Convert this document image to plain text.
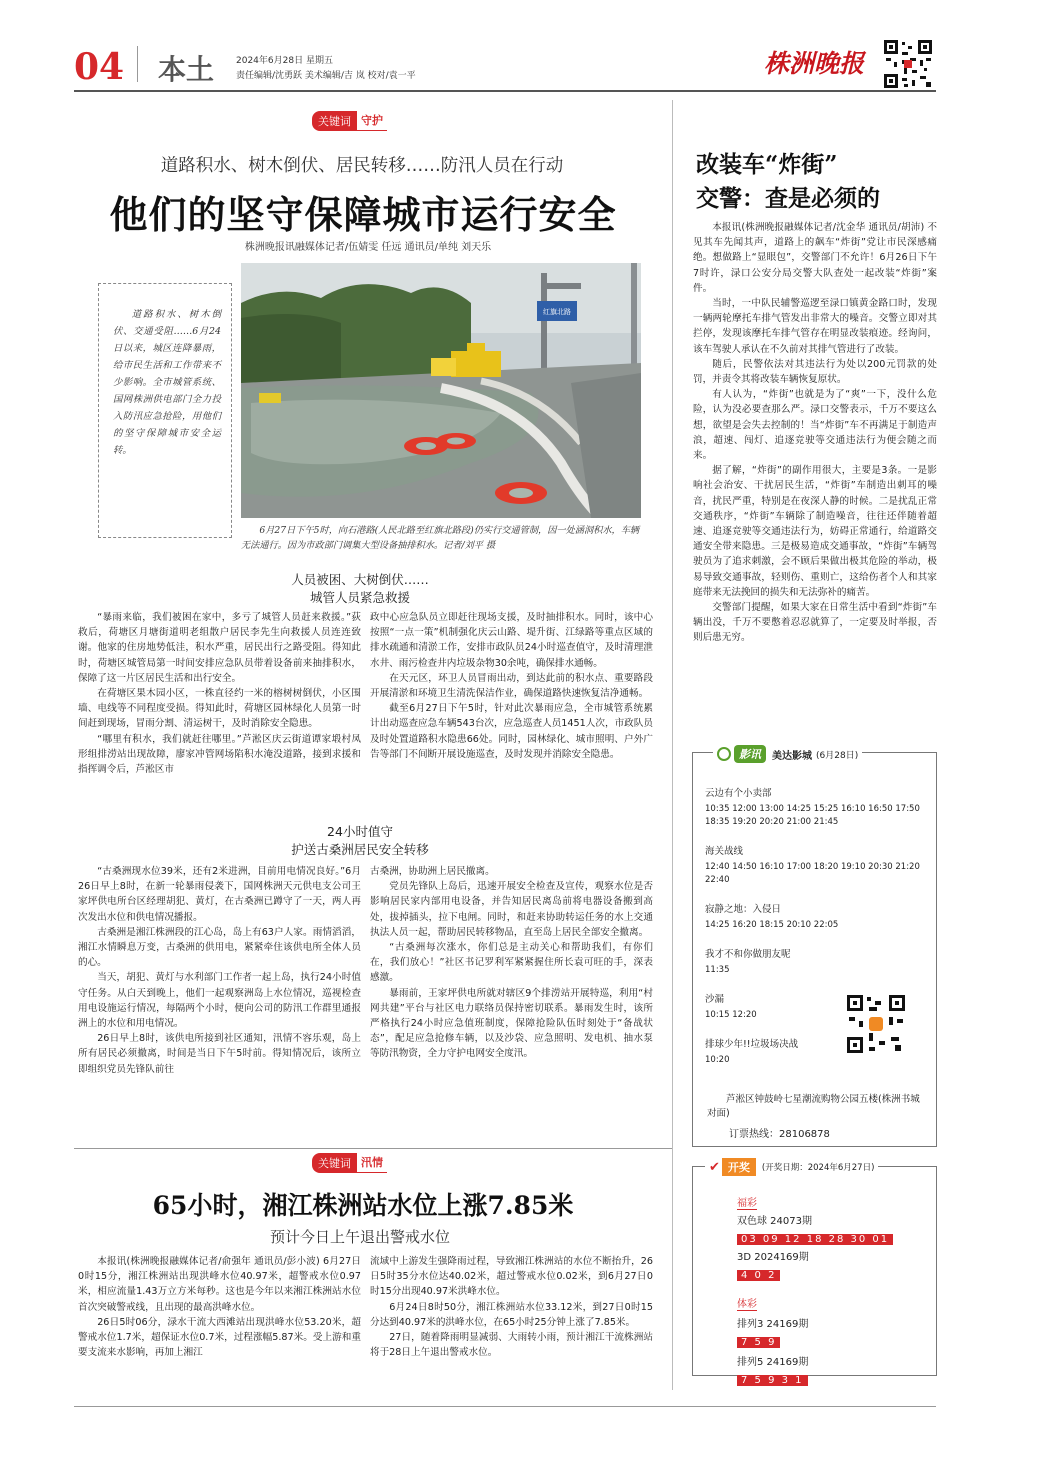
04 本土 2024年6月28日 星期五
责任编辑/沈勇跃 美术编辑/吉 岚 校对/袁一平	株洲晚报
关键词 守护
道路积水、树木倒伏、居民转移……防汛人员在行动
他们的坚守保障城市运行安全
株洲晚报讯融媒体记者/伍婧雯 任远 通讯员/单纯 刘天乐
道路积水、树木倒伏、交通受阻……6月24日以来，城区连降暴雨，给市民生活和工作带来不少影响。全市城管系统、国网株洲供电部门全力投入防汛应急抢险，用他们的坚守保障城市安全运转。
红旗北路
6月27日下午5时，向石港路(人民北路至红旗北路段)仍实行交通管制，因一处涵洞积水，车辆无法通行。因为市政部门调集大型设备抽排积水。记者/刘平 摄
人员被困、大树倒伏……
城管人员紧急救援

“暴雨来临，我们被困在家中，多亏了城管人员赶来救援。”荻救后，荷塘区月塘街道明老组散户居民李先生向救援人员连连致谢。他家的住房地势低洼，积水严重，居民出行之路受阻。得知此时，荷塘区城管局第一时间安排应急队员带着设备前来抽排积水，保障了这一片区居民生活和出行安全。

在荷塘区果木园小区，一株直径约一米的榕树树倒伏，小区围墙、电线等不同程度受损。得知此时，荷塘区园林绿化人员第一时间赶到现场，冒雨分割、清运树干，及时消除安全隐患。

“哪里有积水，我们就赶往哪里。”芦淞区庆云街道谭家塅村凤形组排涝站出现故障，廖家冲管网场陷积水淹没道路，接到求援和指挥调令后，芦淞区市

政中心应急队员立即赶往现场支援，及时抽排积水。同时，该中心按照“一点一策”机制强化庆云山路、堤升街、江绿路等重点区域的排水疏通和清淤工作，安排市政队员24小时巡查值守，及时清理泄水井、雨污检查井内垃圾杂物30余吨，确保排水通畅。

在天元区，环卫人员冒雨出动，到达此前的积水点、重要路段开展清淤和环境卫生清洗保洁作业，确保道路快速恢复洁净通畅。

截至6月27日下午5时，针对此次暴雨应急，全市城管系统累计出动巡查应急车辆543台次，应急巡查人员1451人次，市政队员及时处置道路积水隐患66处。同时，园林绿化、城市照明、户外广告等部门不间断开展设施巡查，及时发现并消除安全隐患。

24小时值守
护送古桑洲居民安全转移

“古桑洲现水位39米，还有2米进洲，目前用电情况良好。”6月26日早上8时，在新一轮暴雨侵袭下，国网株洲天元供电支公司王家坪供电所台区经理胡犯、黄灯，在古桑洲已蹲守了一天，两人再次发出水位和供电情况播报。

古桑洲是湘江株洲段的江心岛，岛上有63户人家。雨情滔滔，湘江水情瞬息万变，古桑洲的供用电，紧紧牵住该供电所全体人员的心。

当天，胡犯、黄灯与水利部门工作者一起上岛，执行24小时值守任务。从白天到晚上，他们一起观察洲岛上水位情况，巡视检查用电设施运行情况，每隔两个小时，便向公司的防汛工作群里通报洲上的水位和用电情况。

26日早上8时，该供电所接到社区通知，汛情不容乐观，岛上所有居民必须撤离，时间是当日下午5时前。得知情况后，该所立即组织党员先锋队前往

古桑洲，协助洲上居民撤离。

党员先锋队上岛后，迅速开展安全检查及宣传，观察水位是否影响居民家内部用电设备，并告知居民离岛前将电器设备搬到高处，拔掉插头，拉下电闸。同时，和赶来协助转运任务的水上交通执法人员一起，帮助居民转移物品，直至岛上居民全部安全撤离。

“古桑洲每次涨水，你们总是主动关心和帮助我们，有你们在，我们放心！”社区书记罗利军紧紧握住所长袁可旺的手，深表感激。

暴雨前，王家坪供电所就对辖区9个排涝站开展特巡，利用“村网共建”平台与社区电力联络员保持密切联系。暴雨发生时，该所严格执行24小时应急值班制度，保障抢险队伍时刻处于“备战状态”，配足应急抢修车辆，以及沙袋、应急照明、发电机、抽水泵等防汛物资，全力守护电网安全度汛。

改装车“炸街”
交警：查是必须的

本报讯(株洲晚报融媒体记者/沈金华 通讯员/胡沛) 不见其车先闻其声，道路上的飙车“炸街”党让市民深感痛绝。想做路上“显眼包”，交警部门不允许！6月26日下午7时许，渌口公安分局交警大队查处一起改装“炸街”案件。

当时，一中队民辅警巡逻至渌口镇黄金路口时，发现一辆两轮摩托车排气管发出非常大的噪音。交警立即对其拦停，发现该摩托车排气管存在明显改装痕迹。经询问，该车驾驶人承认在不久前对其排气管进行了改装。

随后，民警依法对其违法行为处以200元罚款的处罚，并责令其将改装车辆恢复原状。

有人认为，“炸街”也就是为了“爽”一下，没什么危险，认为没必要查那么严。渌口交警表示，千万不要这么想，欲望是会失去控制的！当“炸街”车不再满足于制造声浪，超速、闯灯、追逐竞驶等交通违法行为便会随之而来。

据了解，“炸街”的副作用很大，主要是3条。一是影响社会治安、干扰居民生活，“炸街”车制造出刺耳的噪音，扰民严重，特别是在夜深人静的时候。二是扰乱正常交通秩序，“炸街”车辆除了制造噪音，往往还伴随着超速、追逐竞驶等交通违法行为，妨碍正常通行，给道路交通安全带来隐患。三是极易造成交通事故，“炸街”车辆驾驶员为了追求刺激，会不顾后果做出极其危险的举动，极易导致交通事故，轻则伤、重则亡，这给伤者个人和其家庭带来无法挽回的损失和无法弥补的痛苦。

交警部门提醒，如果大家在日常生活中看到“炸街”车辆出没，千万不要憋着忍忍就算了，一定要及时举报，否则后患无穷。

影讯	美达影城 (6月28日)
云边有个小卖部
10:35 12:00 13:00 14:25 15:25 16:10 16:50 17:50 18:35 19:20 20:20 21:00 21:45
海关战线
12:40 14:50 16:10 17:00 18:20 19:10 20:30 21:20 22:40
寂静之地：入侵日
14:25 16:20 18:15 20:10 22:05
我才不和你做朋友呢
11:35
沙漏
10:15 12:20
排球少年!!垃圾场决战
10:20
芦淞区钟鼓岭七星潮流购物公园五楼(株洲书城对面)
订票热线：28106878
✔ 开奖	(开奖日期：2024年6月27日)
福彩
双色球 24073期
03 09 12 18 28 30 01
3D 2024169期
4 0 2
体彩
排列3 24169期
7 5 9
排列5 24169期
7 5 9 3 1
关键词 汛情
65小时，湘江株洲站水位上涨7.85米
预计今日上午退出警戒水位

本报讯(株洲晚报融媒体记者/俞强年 通讯员/彭小波) 6月27日0时15分，湘江株洲站出现洪峰水位40.97米，超警戒水位0.97米，相应流量1.43万立方米每秒。这也是今年以来湘江株洲站水位首次突破警戒线，且出现的最高洪峰水位。

26日5时06分，渌水干流大西滩站出现洪峰水位53.20米，超警戒水位1.7米，超保证水位0.7米，过程涨幅5.87米。受上游和重要支流来水影响，再加上湘江

流域中上游发生强降雨过程，导致湘江株洲站的水位不断抬升，26日5时35分水位达40.02米，超过警戒水位0.02米，到6月27日0时15分出现40.97米洪峰水位。

6月24日8时50分，湘江株洲站水位33.12米，到27日0时15分达到40.97米的洪峰水位，在65小时25分钟上涨了7.85米。

27日，随着降雨明显减弱、大雨转小雨，预计湘江干流株洲站将于28日上午退出警戒水位。
